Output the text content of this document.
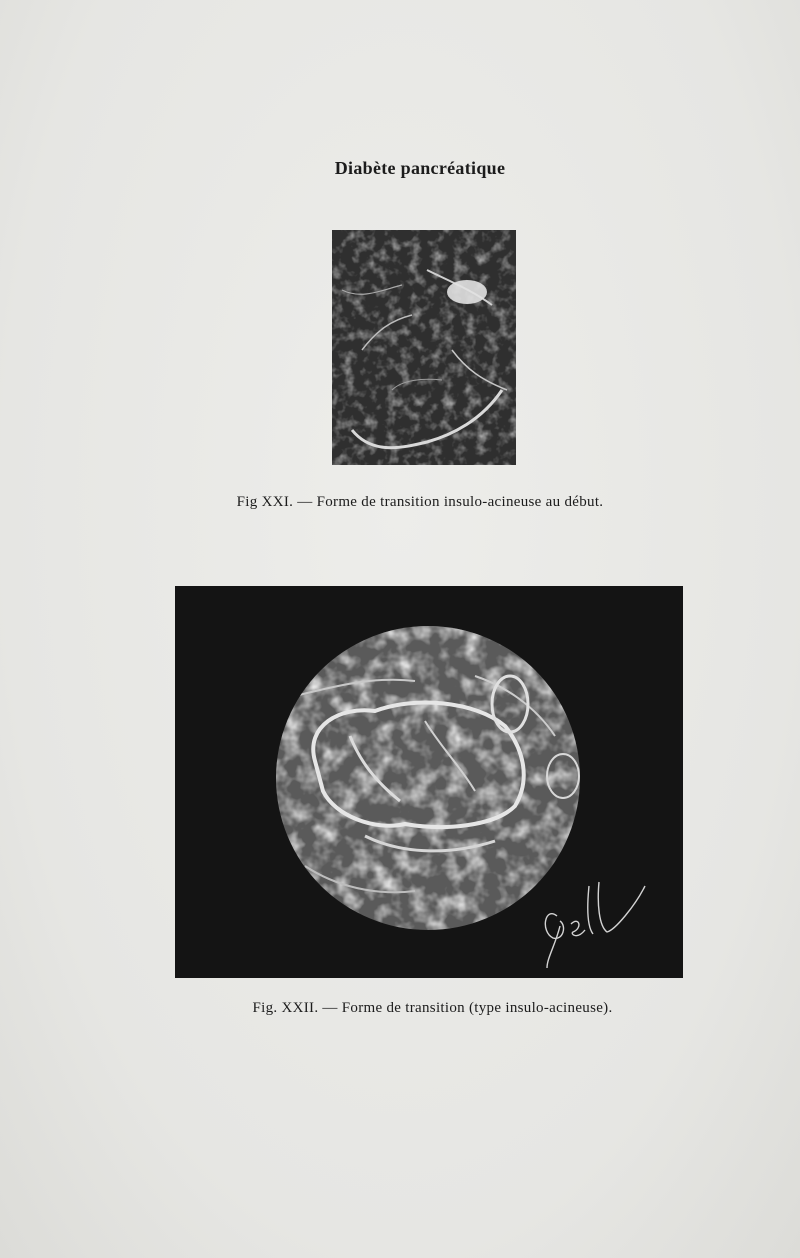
Diabète pancréatique
Fig XXI. — Forme de transition insulo-acineuse au début.
Fig. XXII. — Forme de transition (type insulo-acineuse).
